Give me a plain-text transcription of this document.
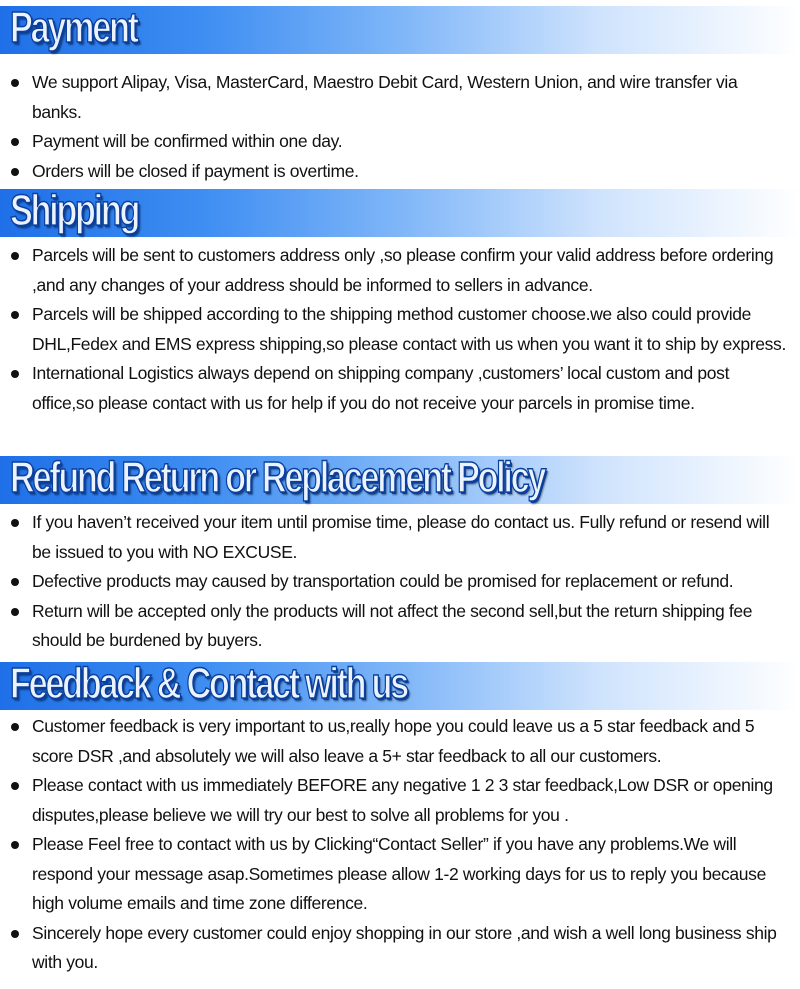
Payment
We support Alipay, Visa, MasterCard, Maestro Debit Card, Western Union, and wire transfer via banks.
Payment will be confirmed within one day.
Orders will be closed if payment is overtime.
Shipping
Parcels will be sent to customers address only ,so please confirm your valid address before ordering ,and any changes of your address should be informed to sellers in advance.
Parcels will be shipped according to the shipping method customer choose.we also could provide DHL,Fedex and EMS express shipping,so please contact with us when you want it to ship by express.
International Logistics always depend on shipping company ,customers’ local custom and post office,so please contact with us for help if you do not receive your parcels in promise time.
Refund Return or Replacement Policy
If you haven’t received your item until promise time, please do contact us. Fully refund or resend will be issued to you with NO EXCUSE.
Defective products may caused by transportation could be promised for replacement or refund.
Return will be accepted only the products will not affect the second sell,but the return shipping fee should be burdened by buyers.
Feedback & Contact with us
Customer feedback is very important to us,really hope you could leave us a 5 star feedback and 5 score DSR ,and absolutely we will also leave a 5+ star feedback to all our customers.
Please contact with us immediately BEFORE any negative 1 2 3 star feedback,Low DSR or opening disputes,please believe we will try our best to solve all problems for you .
Please Feel free to contact with us by Clicking“Contact Seller” if you have any problems.We will respond your message asap.Sometimes please allow 1-2 working days for us to reply you because high volume emails and time zone difference.
Sincerely hope every customer could enjoy shopping in our store ,and wish a well long business ship with you.
